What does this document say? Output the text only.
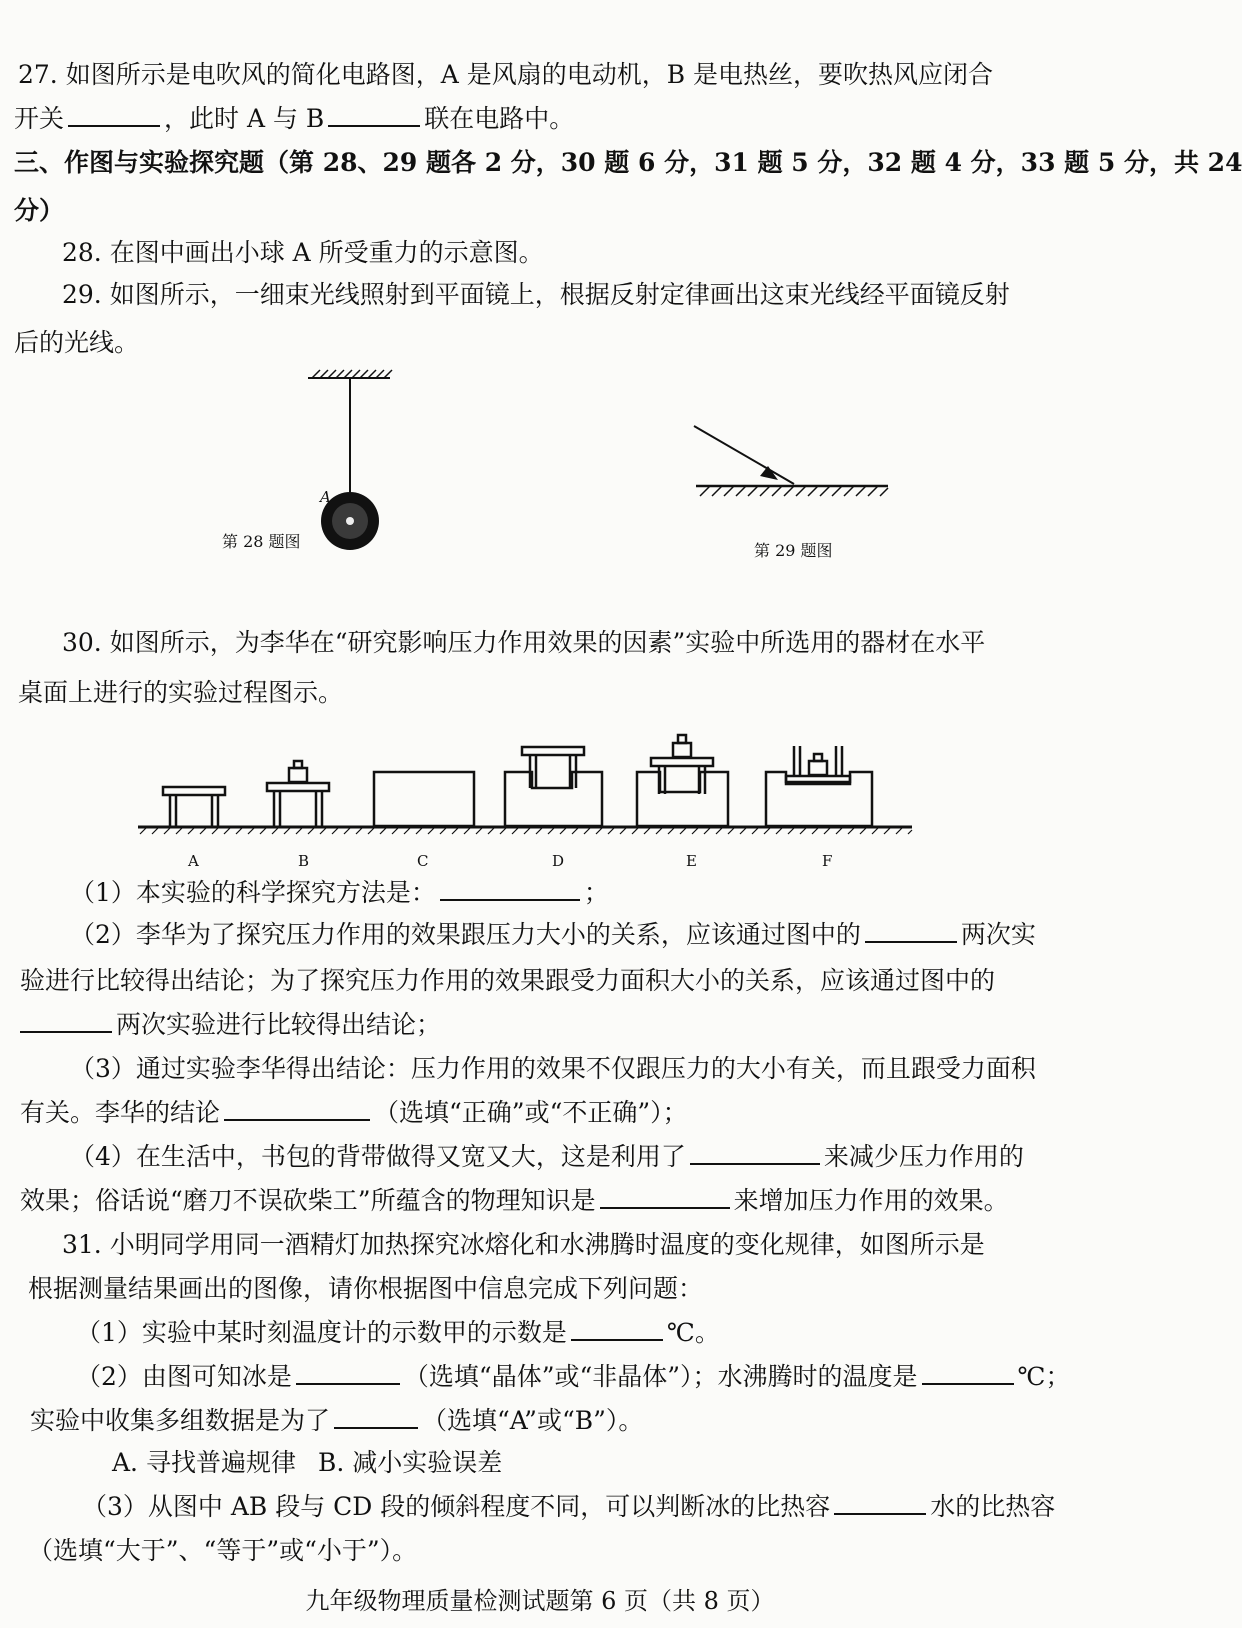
27. 如图所示是电吹风的简化电路图，A 是风扇的电动机，B 是电热丝，要吹热风应闭合
开关	，此时 A 与 B	联在电路中。
三、作图与实验探究题（第 28、29 题各 2 分，30 题 6 分，31 题 5 分，32 题 4 分，33 题 5 分，共 24
分）
28. 在图中画出小球 A 所受重力的示意图。
29. 如图所示，一细束光线照射到平面镜上，根据反射定律画出这束光线经平面镜反射
后的光线。
A
第 28 题图	第 29 题图
30. 如图所示，为李华在“研究影响压力作用效果的因素”实验中所选用的器材在水平
桌面上进行的实验过程图示。
A	B	C	D	E	F
（1）本实验的科学探究方法是：	；
（2）李华为了探究压力作用的效果跟压力大小的关系，应该通过图中的	两次实
验进行比较得出结论；为了探究压力作用的效果跟受力面积大小的关系，应该通过图中的
两次实验进行比较得出结论；
（3）通过实验李华得出结论：压力作用的效果不仅跟压力的大小有关，而且跟受力面积
有关。李华的结论	（选填“正确”或“不正确”）；
（4）在生活中，书包的背带做得又宽又大，这是利用了	来减少压力作用的
效果；俗话说“磨刀不误砍柴工”所蕴含的物理知识是	来增加压力作用的效果。
31. 小明同学用同一酒精灯加热探究冰熔化和水沸腾时温度的变化规律，如图所示是
根据测量结果画出的图像，请你根据图中信息完成下列问题：
（1）实验中某时刻温度计的示数甲的示数是	℃。
（2）由图可知冰是	（选填“晶体”或“非晶体”）；水沸腾时的温度是	℃；
实验中收集多组数据是为了	（选填“A”或“B”）。
A. 寻找普遍规律 B. 减小实验误差
（3）从图中 AB 段与 CD 段的倾斜程度不同，可以判断冰的比热容	水的比热容
（选填“大于”、“等于”或“小于”）。
九年级物理质量检测试题第 6 页（共 8 页）
